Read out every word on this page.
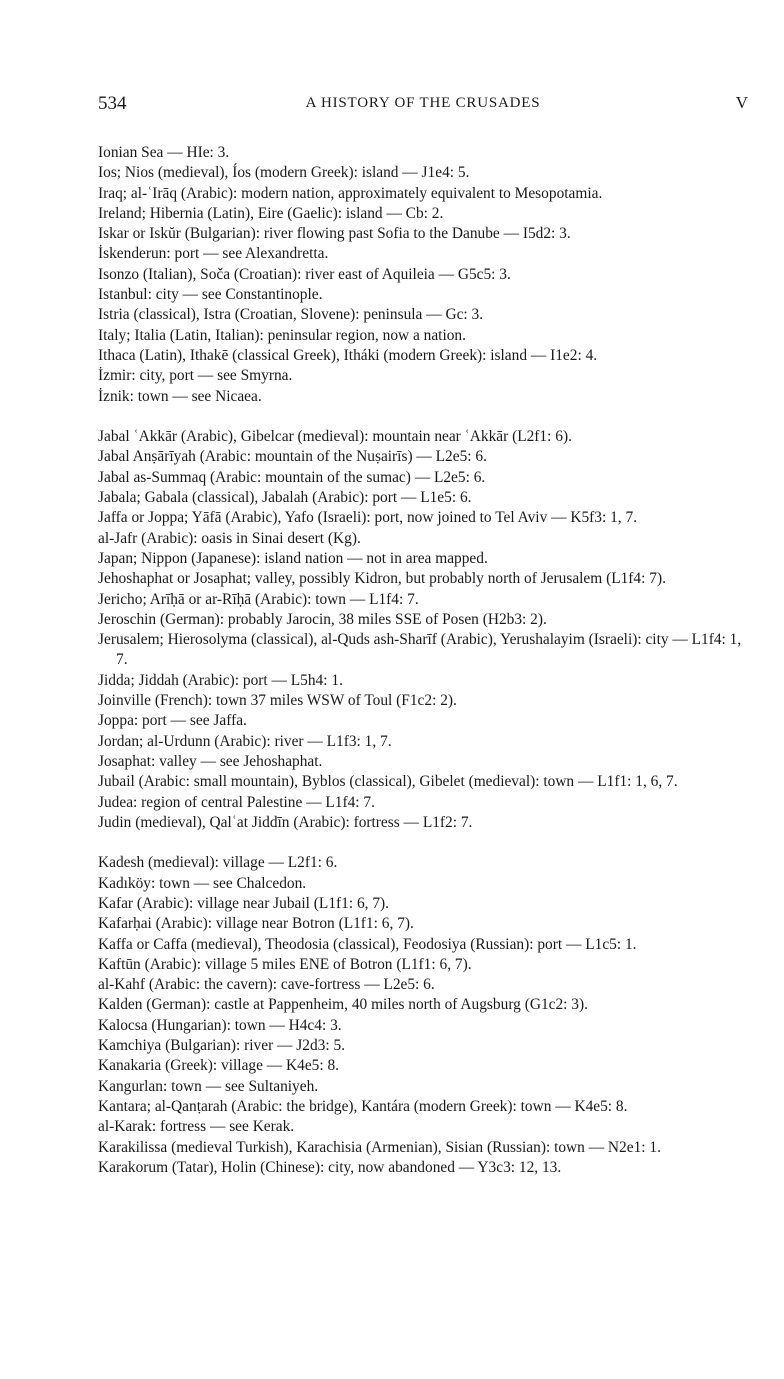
534	A HISTORY OF THE CRUSADES	V

Ionian Sea — HIe: 3.

Ios; Nios (medieval), Íos (modern Greek): island — J1e4: 5.

Iraq; al-ʿIrāq (Arabic): modern nation, approximately equivalent to Mesopotamia.

Ireland; Hibernia (Latin), Eire (Gaelic): island — Cb: 2.

Iskar or Iskŭr (Bulgarian): river flowing past Sofia to the Danube — I5d2: 3.

İskenderun: port — see Alexandretta.

Isonzo (Italian), Soča (Croatian): river east of Aquileia — G5c5: 3.

Istanbul: city — see Constantinople.

Istria (classical), Istra (Croatian, Slovene): peninsula — Gc: 3.

Italy; Italia (Latin, Italian): peninsular region, now a nation.

Ithaca (Latin), Ithakē (classical Greek), Itháki (modern Greek): island — I1e2: 4.

İzmir: city, port — see Smyrna.

İznik: town — see Nicaea.

Jabal ʿAkkār (Arabic), Gibelcar (medieval): mountain near ʿAkkār (L2f1: 6).

Jabal Anṣārīyah (Arabic: mountain of the Nuṣairīs) — L2e5: 6.

Jabal as-Summaq (Arabic: mountain of the sumac) — L2e5: 6.

Jabala; Gabala (classical), Jabalah (Arabic): port — L1e5: 6.

Jaffa or Joppa; Yāfā (Arabic), Yafo (Israeli): port, now joined to Tel Aviv — K5f3: 1, 7.

al-Jafr (Arabic): oasis in Sinai desert (Kg).

Japan; Nippon (Japanese): island nation — not in area mapped.

Jehoshaphat or Josaphat; valley, possibly Kidron, but probably north of Jerusalem (L1f4: 7).

Jericho; Arīḥā or ar-Rīḥā (Arabic): town — L1f4: 7.

Jeroschin (German): probably Jarocin, 38 miles SSE of Posen (H2b3: 2).

Jerusalem; Hierosolyma (classical), al-Quds ash-Sharīf (Arabic), Yerushalayim (Israeli): city — L1f4: 1, 7.

Jidda; Jiddah (Arabic): port — L5h4: 1.

Joinville (French): town 37 miles WSW of Toul (F1c2: 2).

Joppa: port — see Jaffa.

Jordan; al-Urdunn (Arabic): river — L1f3: 1, 7.

Josaphat: valley — see Jehoshaphat.

Jubail (Arabic: small mountain), Byblos (classical), Gibelet (medieval): town — L1f1: 1, 6, 7.

Judea: region of central Palestine — L1f4: 7.

Judin (medieval), Qalʿat Jiddīn (Arabic): fortress — L1f2: 7.

Kadesh (medieval): village — L2f1: 6.

Kadıköy: town — see Chalcedon.

Kafar (Arabic): village near Jubail (L1f1: 6, 7).

Kafarḥai (Arabic): village near Botron (L1f1: 6, 7).

Kaffa or Caffa (medieval), Theodosia (classical), Feodosiya (Russian): port — L1c5: 1.

Kaftūn (Arabic): village 5 miles ENE of Botron (L1f1: 6, 7).

al-Kahf (Arabic: the cavern): cave-fortress — L2e5: 6.

Kalden (German): castle at Pappenheim, 40 miles north of Augsburg (G1c2: 3).

Kalocsa (Hungarian): town — H4c4: 3.

Kamchiya (Bulgarian): river — J2d3: 5.

Kanakaria (Greek): village — K4e5: 8.

Kangurlan: town — see Sultaniyeh.

Kantara; al-Qanṭarah (Arabic: the bridge), Kantára (modern Greek): town — K4e5: 8.

al-Karak: fortress — see Kerak.

Karakilissa (medieval Turkish), Karachisia (Armenian), Sisian (Russian): town — N2e1: 1.

Karakorum (Tatar), Holin (Chinese): city, now abandoned — Y3c3: 12, 13.
